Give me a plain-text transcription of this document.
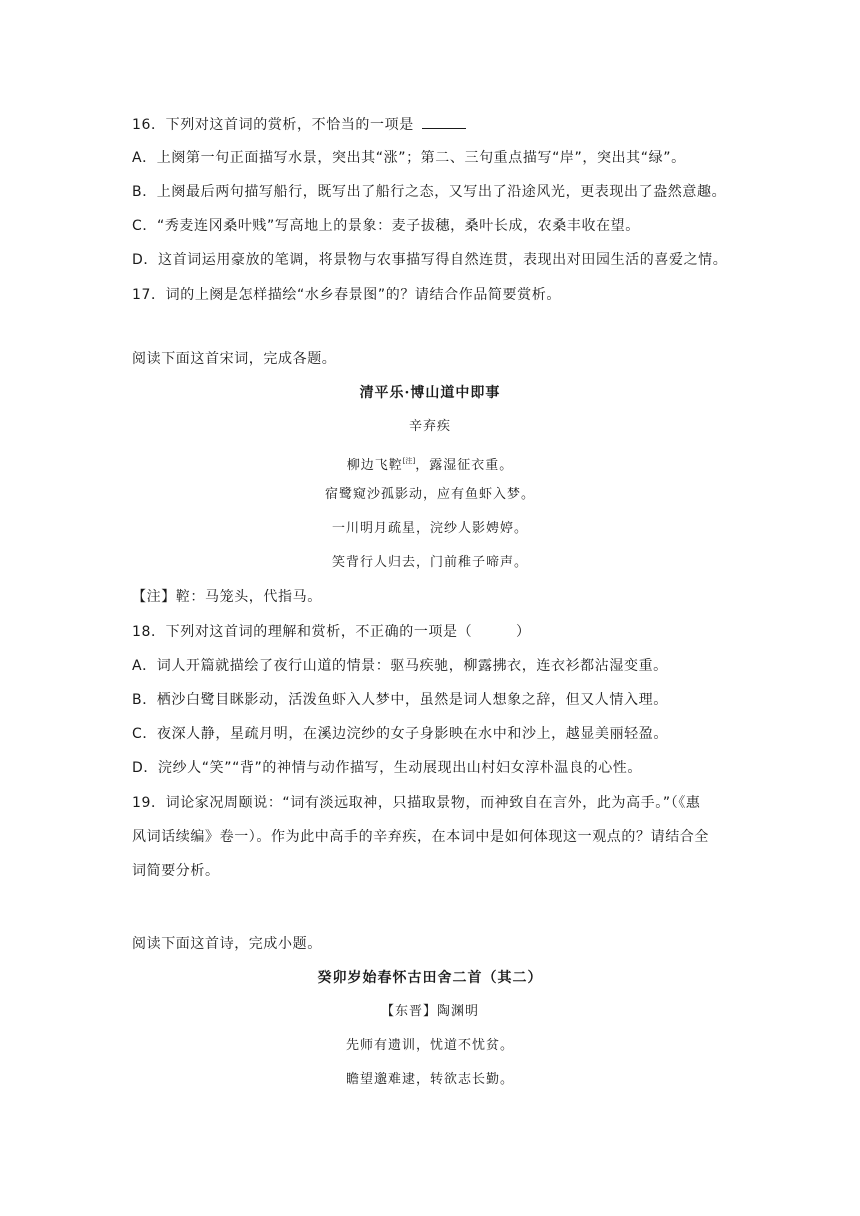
16．下列对这首词的赏析，不恰当的一项是
A．上阕第一句正面描写水景，突出其“涨”；第二、三句重点描写“岸”，突出其“绿”。
B．上阕最后两句描写船行，既写出了船行之态，又写出了沿途风光，更表现出了盎然意趣。
C．“秀麦连冈桑叶贱”写高地上的景象：麦子拔穗，桑叶长成，农桑丰收在望。
D．这首词运用豪放的笔调，将景物与农事描写得自然连贯，表现出对田园生活的喜爱之情。
17．词的上阕是怎样描绘“水乡春景图”的？请结合作品简要赏析。
阅读下面这首宋词，完成各题。
清平乐·博山道中即事
辛弃疾
柳边飞鞚[注]，露湿征衣重。
宿鹭窥沙孤影动，应有鱼虾入梦。
一川明月疏星，浣纱人影娉婷。
笑背行人归去，门前稚子啼声。
【注】鞚：马笼头，代指马。
18．下列对这首词的理解和赏析，不正确的一项是（　　　）
A．词人开篇就描绘了夜行山道的情景：驱马疾驰，柳露拂衣，连衣衫都沾湿变重。
B．栖沙白鹭目眯影动，活泼鱼虾入人梦中，虽然是词人想象之辞，但又人情入理。
C．夜深人静，星疏月明，在溪边浣纱的女子身影映在水中和沙上，越显美丽轻盈。
D．浣纱人“笑”“背”的神情与动作描写，生动展现出山村妇女淳朴温良的心性。
19．词论家况周颐说：“词有淡远取神，只描取景物，而神致自在言外，此为高手。”（《惠
风词话续编》卷一）。作为此中高手的辛弃疾，在本词中是如何体现这一观点的？请结合全
词简要分析。
阅读下面这首诗，完成小题。
癸卯岁始春怀古田舍二首（其二）
【东晋】陶渊明
先师有遗训，忧道不忧贫。
瞻望邈难逮，转欲志长勤。
